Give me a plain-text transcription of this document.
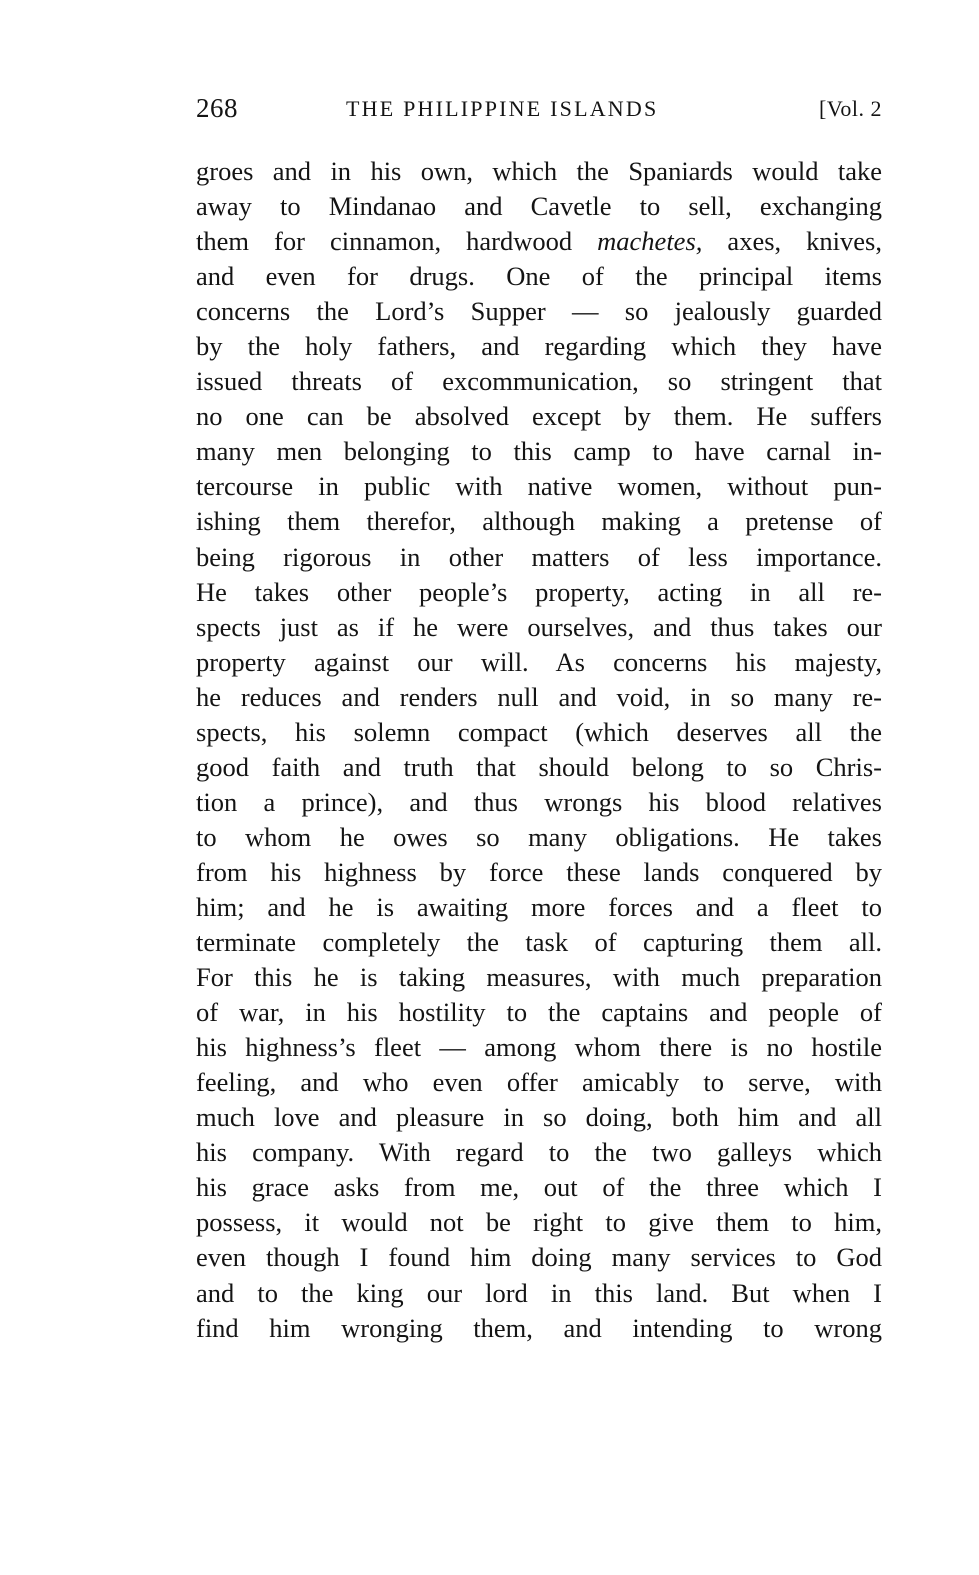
268	THE PHILIPPINE ISLANDS	[Vol. 2
groes and in his own, which the Spaniards would take
away to Mindanao and Cavetle to sell, exchanging
them for cinnamon, hardwood machetes, axes, knives,
and even for drugs. One of the principal items
concerns the Lord’s Supper — so jealously guarded
by the holy fathers, and regarding which they have
issued threats of excommunication, so stringent that
no one can be absolved except by them. He suffers
many men belonging to this camp to have carnal in-
tercourse in public with native women, without pun-
ishing them therefor, although making a pretense of
being rigorous in other matters of less importance.
He takes other people’s property, acting in all re-
spects just as if he were ourselves, and thus takes our
property against our will. As concerns his majesty,
he reduces and renders null and void, in so many re-
spects, his solemn compact (which deserves all the
good faith and truth that should belong to so Chris-
tion a prince), and thus wrongs his blood relatives
to whom he owes so many obligations. He takes
from his highness by force these lands conquered by
him; and he is awaiting more forces and a fleet to
terminate completely the task of capturing them all.
For this he is taking measures, with much preparation
of war, in his hostility to the captains and people of
his highness’s fleet — among whom there is no hostile
feeling, and who even offer amicably to serve, with
much love and pleasure in so doing, both him and all
his company. With regard to the two galleys which
his grace asks from me, out of the three which I
possess, it would not be right to give them to him,
even though I found him doing many services to God
and to the king our lord in this land. But when I
find him wronging them, and intending to wrong
